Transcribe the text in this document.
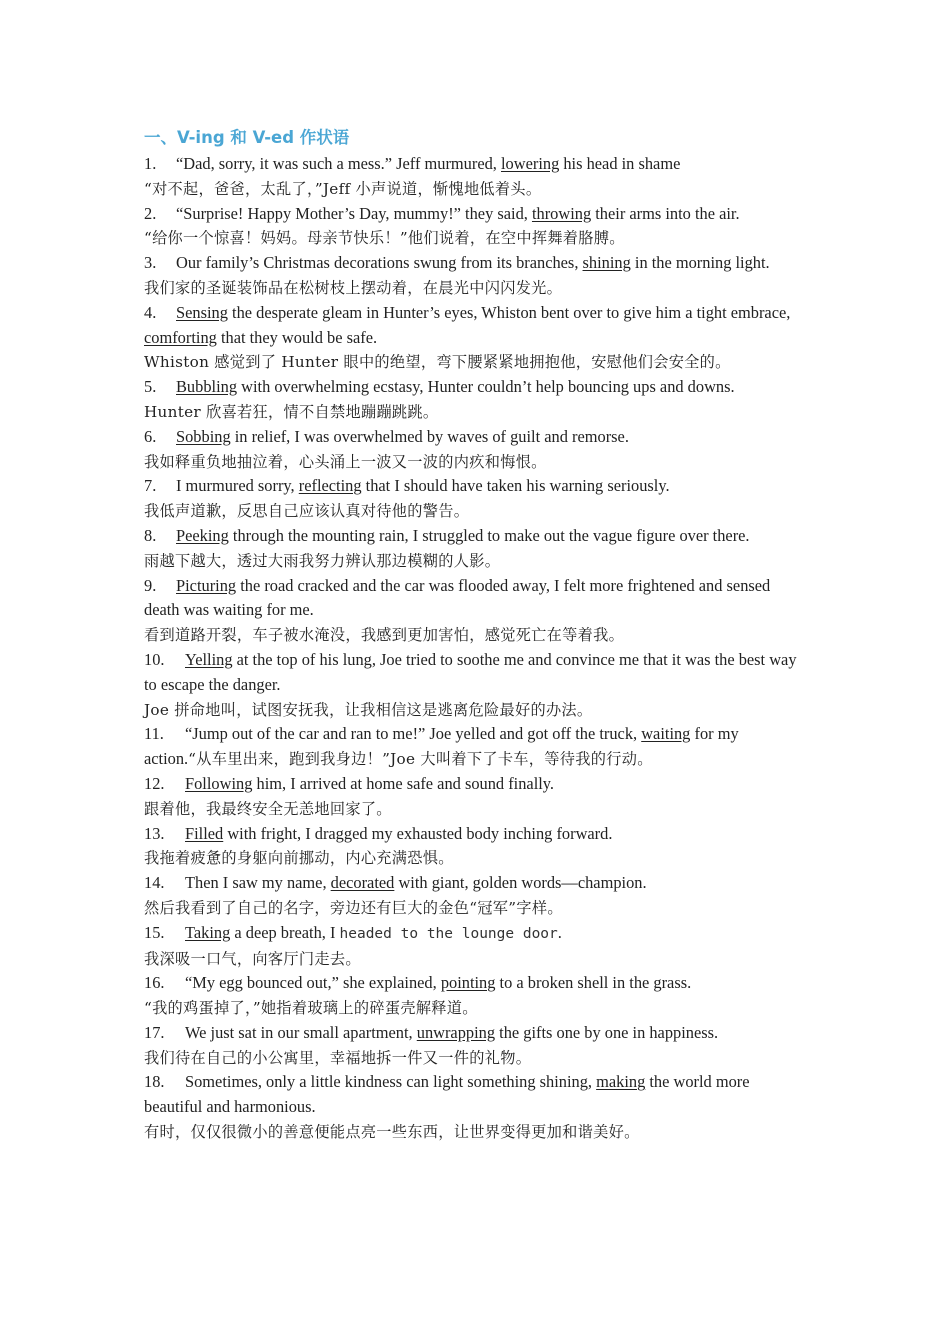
一、V-ing 和 V-ed 作状语

1. “Dad, sorry, it was such a mess.” Jeff murmured, lowering his head in shame

“对不起，爸爸，太乱了，”Jeff 小声说道，惭愧地低着头。

2. “Surprise! Happy Mother’s Day, mummy!” they said, throwing their arms into the air.

“给你一个惊喜！妈妈。母亲节快乐！”他们说着，在空中挥舞着胳膊。

3. Our family’s Christmas decorations swung from its branches, shining in the morning light.

我们家的圣诞装饰品在松树枝上摆动着，在晨光中闪闪发光。

4. Sensing the desperate gleam in Hunter’s eyes, Whiston bent over to give him a tight embrace, comforting that they would be safe.

Whiston 感觉到了 Hunter 眼中的绝望，弯下腰紧紧地拥抱他，安慰他们会安全的。

5. Bubbling with overwhelming ecstasy, Hunter couldn’t help bouncing ups and downs.

Hunter 欣喜若狂，情不自禁地蹦蹦跳跳。

6. Sobbing in relief, I was overwhelmed by waves of guilt and remorse.

我如释重负地抽泣着，心头涌上一波又一波的内疚和悔恨。

7. I murmured sorry, reflecting that I should have taken his warning seriously.

我低声道歉，反思自己应该认真对待他的警告。

8. Peeking through the mounting rain, I struggled to make out the vague figure over there.

雨越下越大，透过大雨我努力辨认那边模糊的人影。

9. Picturing the road cracked and the car was flooded away, I felt more frightened and sensed death was waiting for me.

看到道路开裂，车子被水淹没，我感到更加害怕，感觉死亡在等着我。

10. Yelling at the top of his lung, Joe tried to soothe me and convince me that it was the best way to escape the danger.

Joe 拼命地叫，试图安抚我，让我相信这是逃离危险最好的办法。

11. “Jump out of the car and ran to me!” Joe yelled and got off the truck, waiting for my action.“从车里出来，跑到我身边！”Joe 大叫着下了卡车，等待我的行动。

12. Following him, I arrived at home safe and sound finally.

跟着他，我最终安全无恙地回家了。

13. Filled with fright, I dragged my exhausted body inching forward.

我拖着疲惫的身躯向前挪动，内心充满恐惧。

14. Then I saw my name, decorated with giant, golden words—champion.

然后我看到了自己的名字，旁边还有巨大的金色“冠军”字样。

15. Taking a deep breath, I headed to the lounge door.

我深吸一口气，向客厅门走去。

16. “My egg bounced out,” she explained, pointing to a broken shell in the grass.

“我的鸡蛋掉了，”她指着玻璃上的碎蛋壳解释道。

17. We just sat in our small apartment, unwrapping the gifts one by one in happiness.

我们待在自己的小公寓里，幸福地拆一件又一件的礼物。

18. Sometimes, only a little kindness can light something shining, making the world more beautiful and harmonious.

有时，仅仅很微小的善意便能点亮一些东西，让世界变得更加和谐美好。
